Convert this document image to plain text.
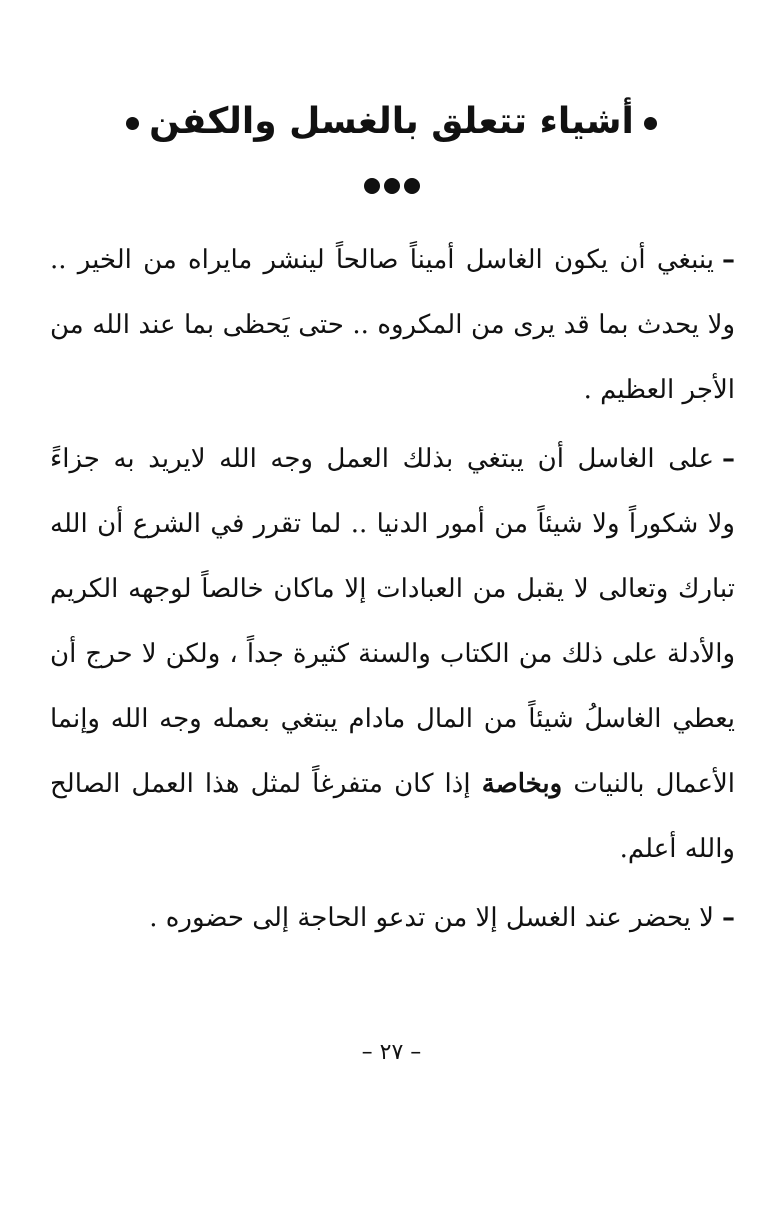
أشياء تتعلق بالغسل والكفن
–ينبغي أن يكون الغاسل أميناً صالحاً لينشر مايراه من الخير ..
ولا يحدث بما قد يرى من المكروه .. حتى يَحظى بما عند الله من
الأجر العظيم .
–على الغاسل أن يبتغي بذلك العمل وجه الله لايريد به جزاءً
ولا شكوراً ولا شيئاً من أمور الدنيا .. لما تقرر في الشرع أن الله
تبارك وتعالى لا يقبل من العبادات إلا ماكان خالصاً لوجهه الكريم
والأدلة على ذلك من الكتاب والسنة كثيرة جداً ، ولكن لا حرج أن
يعطي الغاسلُ شيئاً من المال مادام يبتغي بعمله وجه الله وإنما
الأعمال بالنيات وبخاصة إذا كان متفرغاً لمثل هذا العمل الصالح
والله أعلم.
–لا يحضر عند الغسل إلا من تدعو الحاجة إلى حضوره .
– ٢٧ –
